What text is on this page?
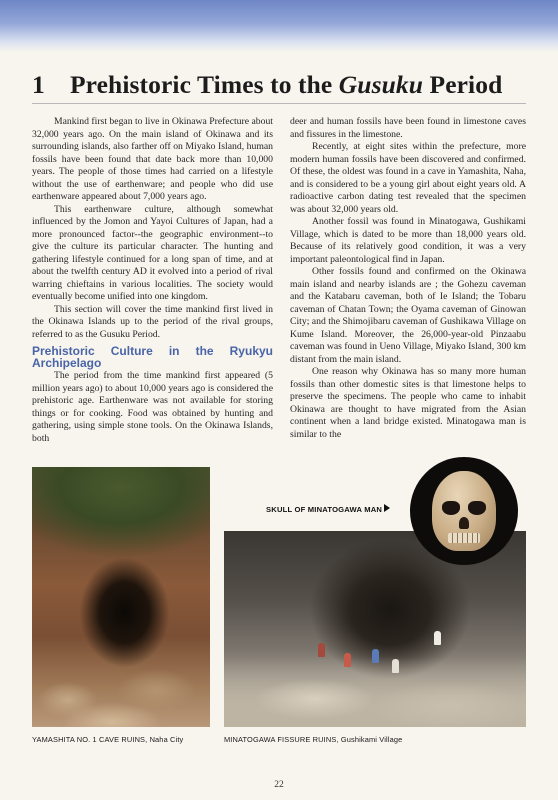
1 Prehistoric Times to the Gusuku Period

Mankind first began to live in Okinawa Prefecture about 32,000 years ago. On the main island of Okinawa and its surrounding islands, also farther off on Miyako Island, human fossils have been found that date back more than 10,000 years. The people of those times had carried on a lifestyle without the use of earthenware; and people who did use earthenware appeared about 7,000 years ago.

This earthenware culture, although somewhat influenced by the Jomon and Yayoi Cultures of Japan, had a more pronounced factor--the geographic environment--to give the culture its particular character. The hunting and gathering lifestyle continued for a long span of time, and at about the twelfth century AD it evolved into a period of rival warring chieftains in various localities. The society would eventually become unified into one kingdom.

This section will cover the time mankind first lived in the Okinawa Islands up to the period of the rival groups, referred to as the Gusuku Period.

Prehistoric Culture in the Ryukyu Archipelago

The period from the time mankind first appeared (5 million years ago) to about 10,000 years ago is considered the prehistoric age. Earthenware was not available for storing things or for cooking. Food was obtained by hunting and gathering, using simple stone tools. On the Okinawa Islands, both

deer and human fossils have been found in limestone caves and fissures in the limestone.

Recently, at eight sites within the prefecture, more modern human fossils have been discovered and confirmed. Of these, the oldest was found in a cave in Yamashita, Naha, and is considered to be a young girl about eight years old. A radioactive carbon dating test revealed that the specimen was about 32,000 years old.

Another fossil was found in Minatogawa, Gushikami Village, which is dated to be more than 18,000 years old. Because of its relatively good condition, it was a very important paleontological find in Japan.

Other fossils found and confirmed on the Okinawa main island and nearby islands are ; the Gohezu caveman and the Katabaru caveman, both of Ie Island; the Tobaru caveman of Chatan Town; the Oyama caveman of Ginowan City; and the Shimojibaru caveman of Gushikawa Village on Kume Island. Moreover, the 26,000-year-old Pinzaabu caveman was found in Ueno Village, Miyako Island, 300 km distant from the main island.

One reason why Okinawa has so many more human fossils than other domestic sites is that limestone helps to preserve the specimens. The people who came to inhabit Okinawa are thought to have migrated from the Asian continent when a land bridge existed. Minatogawa man is similar to the

SKULL OF MINATOGAWA MAN
YAMASHITA NO. 1 CAVE RUINS, Naha City	MINATOGAWA FISSURE RUINS, Gushikami Village
22
